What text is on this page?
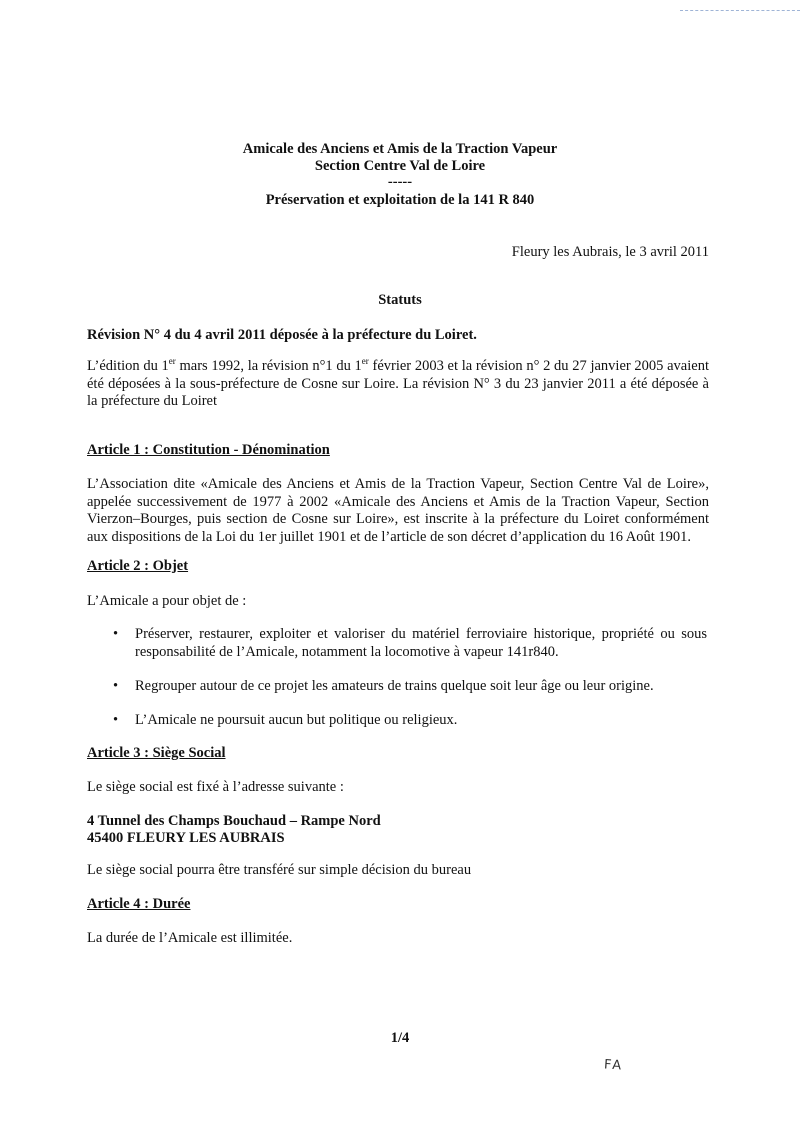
Amicale des Anciens et Amis de la Traction Vapeur

Section Centre Val de Loire

-----

Préservation et exploitation de la 141 R 840

Fleury les Aubrais, le 3 avril 2011

Statuts

Révision N° 4 du 4 avril 2011 déposée à la préfecture du Loiret.

L’édition du 1er mars 1992, la révision n°1 du 1er février 2003 et la révision n° 2 du 27 janvier 2005 avaient été déposées à la sous-préfecture de Cosne sur Loire. La révision N° 3 du 23 janvier 2011 a été déposée à la préfecture du Loiret

Article 1 : Constitution - Dénomination

L’Association dite «Amicale des Anciens et Amis de la Traction Vapeur, Section Centre Val de Loire», appelée successivement de 1977 à 2002 «Amicale des Anciens et Amis de la Traction Vapeur, Section Vierzon–Bourges, puis section de Cosne sur Loire», est inscrite à la préfecture du Loiret conformément aux dispositions de la Loi du 1er juillet 1901 et de l’article de son décret d’application du 16 Août 1901.

Article 2 : Objet

L’Amicale a pour objet de :

• Préserver, restaurer, exploiter et valoriser du matériel ferroviaire historique, propriété ou sous responsabilité de l’Amicale, notamment la locomotive à vapeur 141r840.

• Regrouper autour de ce projet les amateurs de trains quelque soit leur âge ou leur origine.

• L’Amicale ne poursuit aucun but politique ou religieux.

Article 3 : Siège Social

Le siège social est fixé à l’adresse suivante :

4 Tunnel des Champs Bouchaud – Rampe Nord

45400 FLEURY LES AUBRAIS

Le siège social pourra être transféré sur simple décision du bureau

Article 4 : Durée

La durée de l’Amicale est illimitée.

1/4

FA
